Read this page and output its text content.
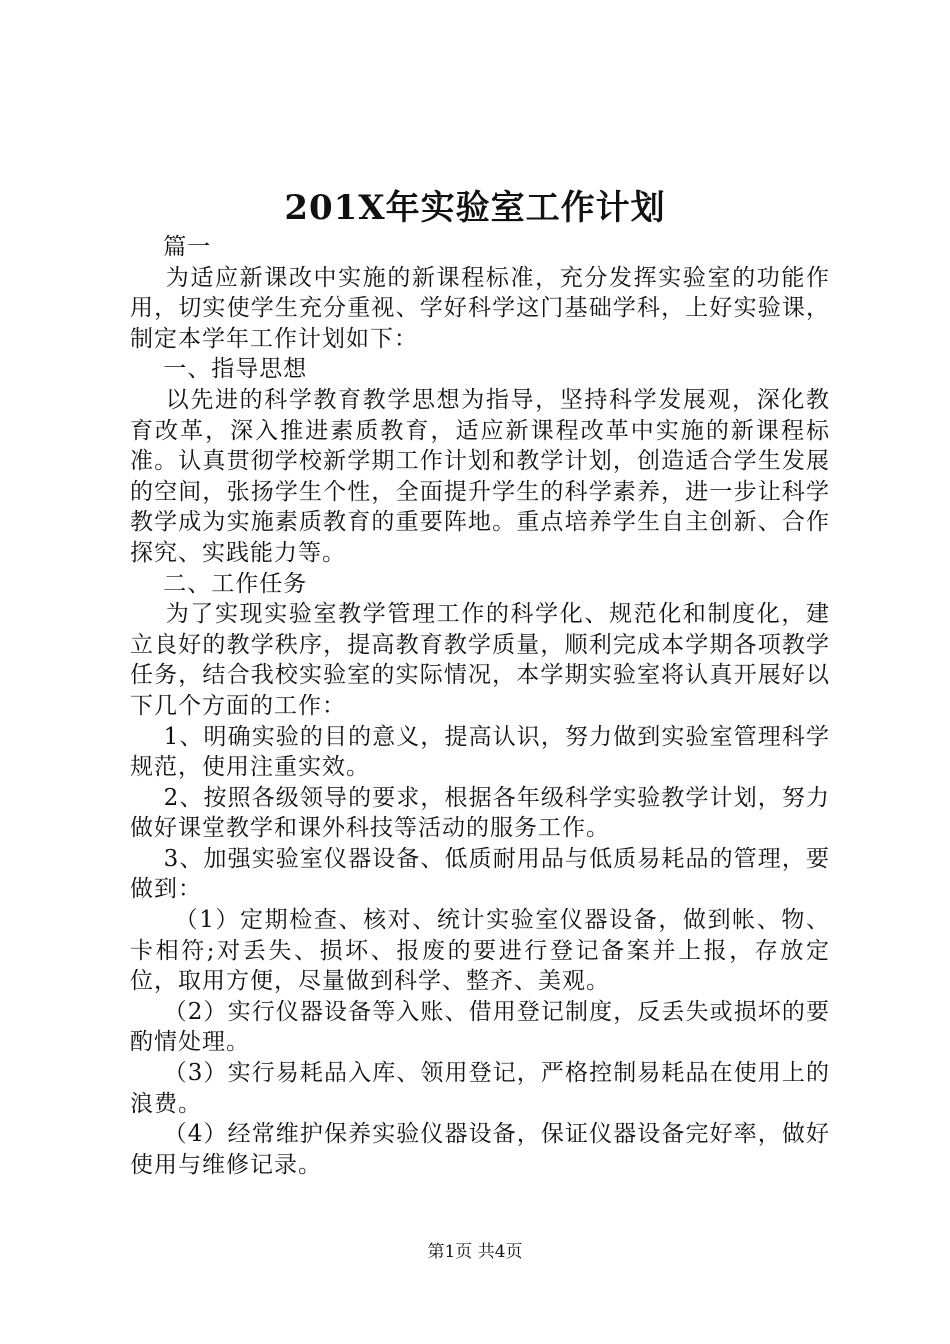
201X年实验室工作计划

篇一

为适应新课改中实施的新课程标准，充分发挥实验室的功能作用，切实使学生充分重视、学好科学这门基础学科，上好实验课，制定本学年工作计划如下：

一、指导思想

以先进的科学教育教学思想为指导，坚持科学发展观，深化教育改革，深入推进素质教育，适应新课程改革中实施的新课程标准。认真贯彻学校新学期工作计划和教学计划，创造适合学生发展的空间，张扬学生个性，全面提升学生的科学素养，进一步让科学教学成为实施素质教育的重要阵地。重点培养学生自主创新、合作探究、实践能力等。

二、工作任务

为了实现实验室教学管理工作的科学化、规范化和制度化，建立良好的教学秩序，提高教育教学质量，顺利完成本学期各项教学任务，结合我校实验室的实际情况，本学期实验室将认真开展好以下几个方面的工作：

1、明确实验的目的意义，提高认识，努力做到实验室管理科学规范，使用注重实效。

2、按照各级领导的要求，根据各年级科学实验教学计划，努力做好课堂教学和课外科技等活动的服务工作。

3、加强实验室仪器设备、低质耐用品与低质易耗品的管理，要做到：

（1）定期检查、核对、统计实验室仪器设备，做到帐、物、卡相符;对丢失、损坏、报废的要进行登记备案并上报，存放定位，取用方便，尽量做到科学、整齐、美观。

（2）实行仪器设备等入账、借用登记制度，反丢失或损坏的要酌情处理。

（3）实行易耗品入库、领用登记，严格控制易耗品在使用上的浪费。

（4）经常维护保养实验仪器设备，保证仪器设备完好率，做好使用与维修记录。

第1页 共4页
